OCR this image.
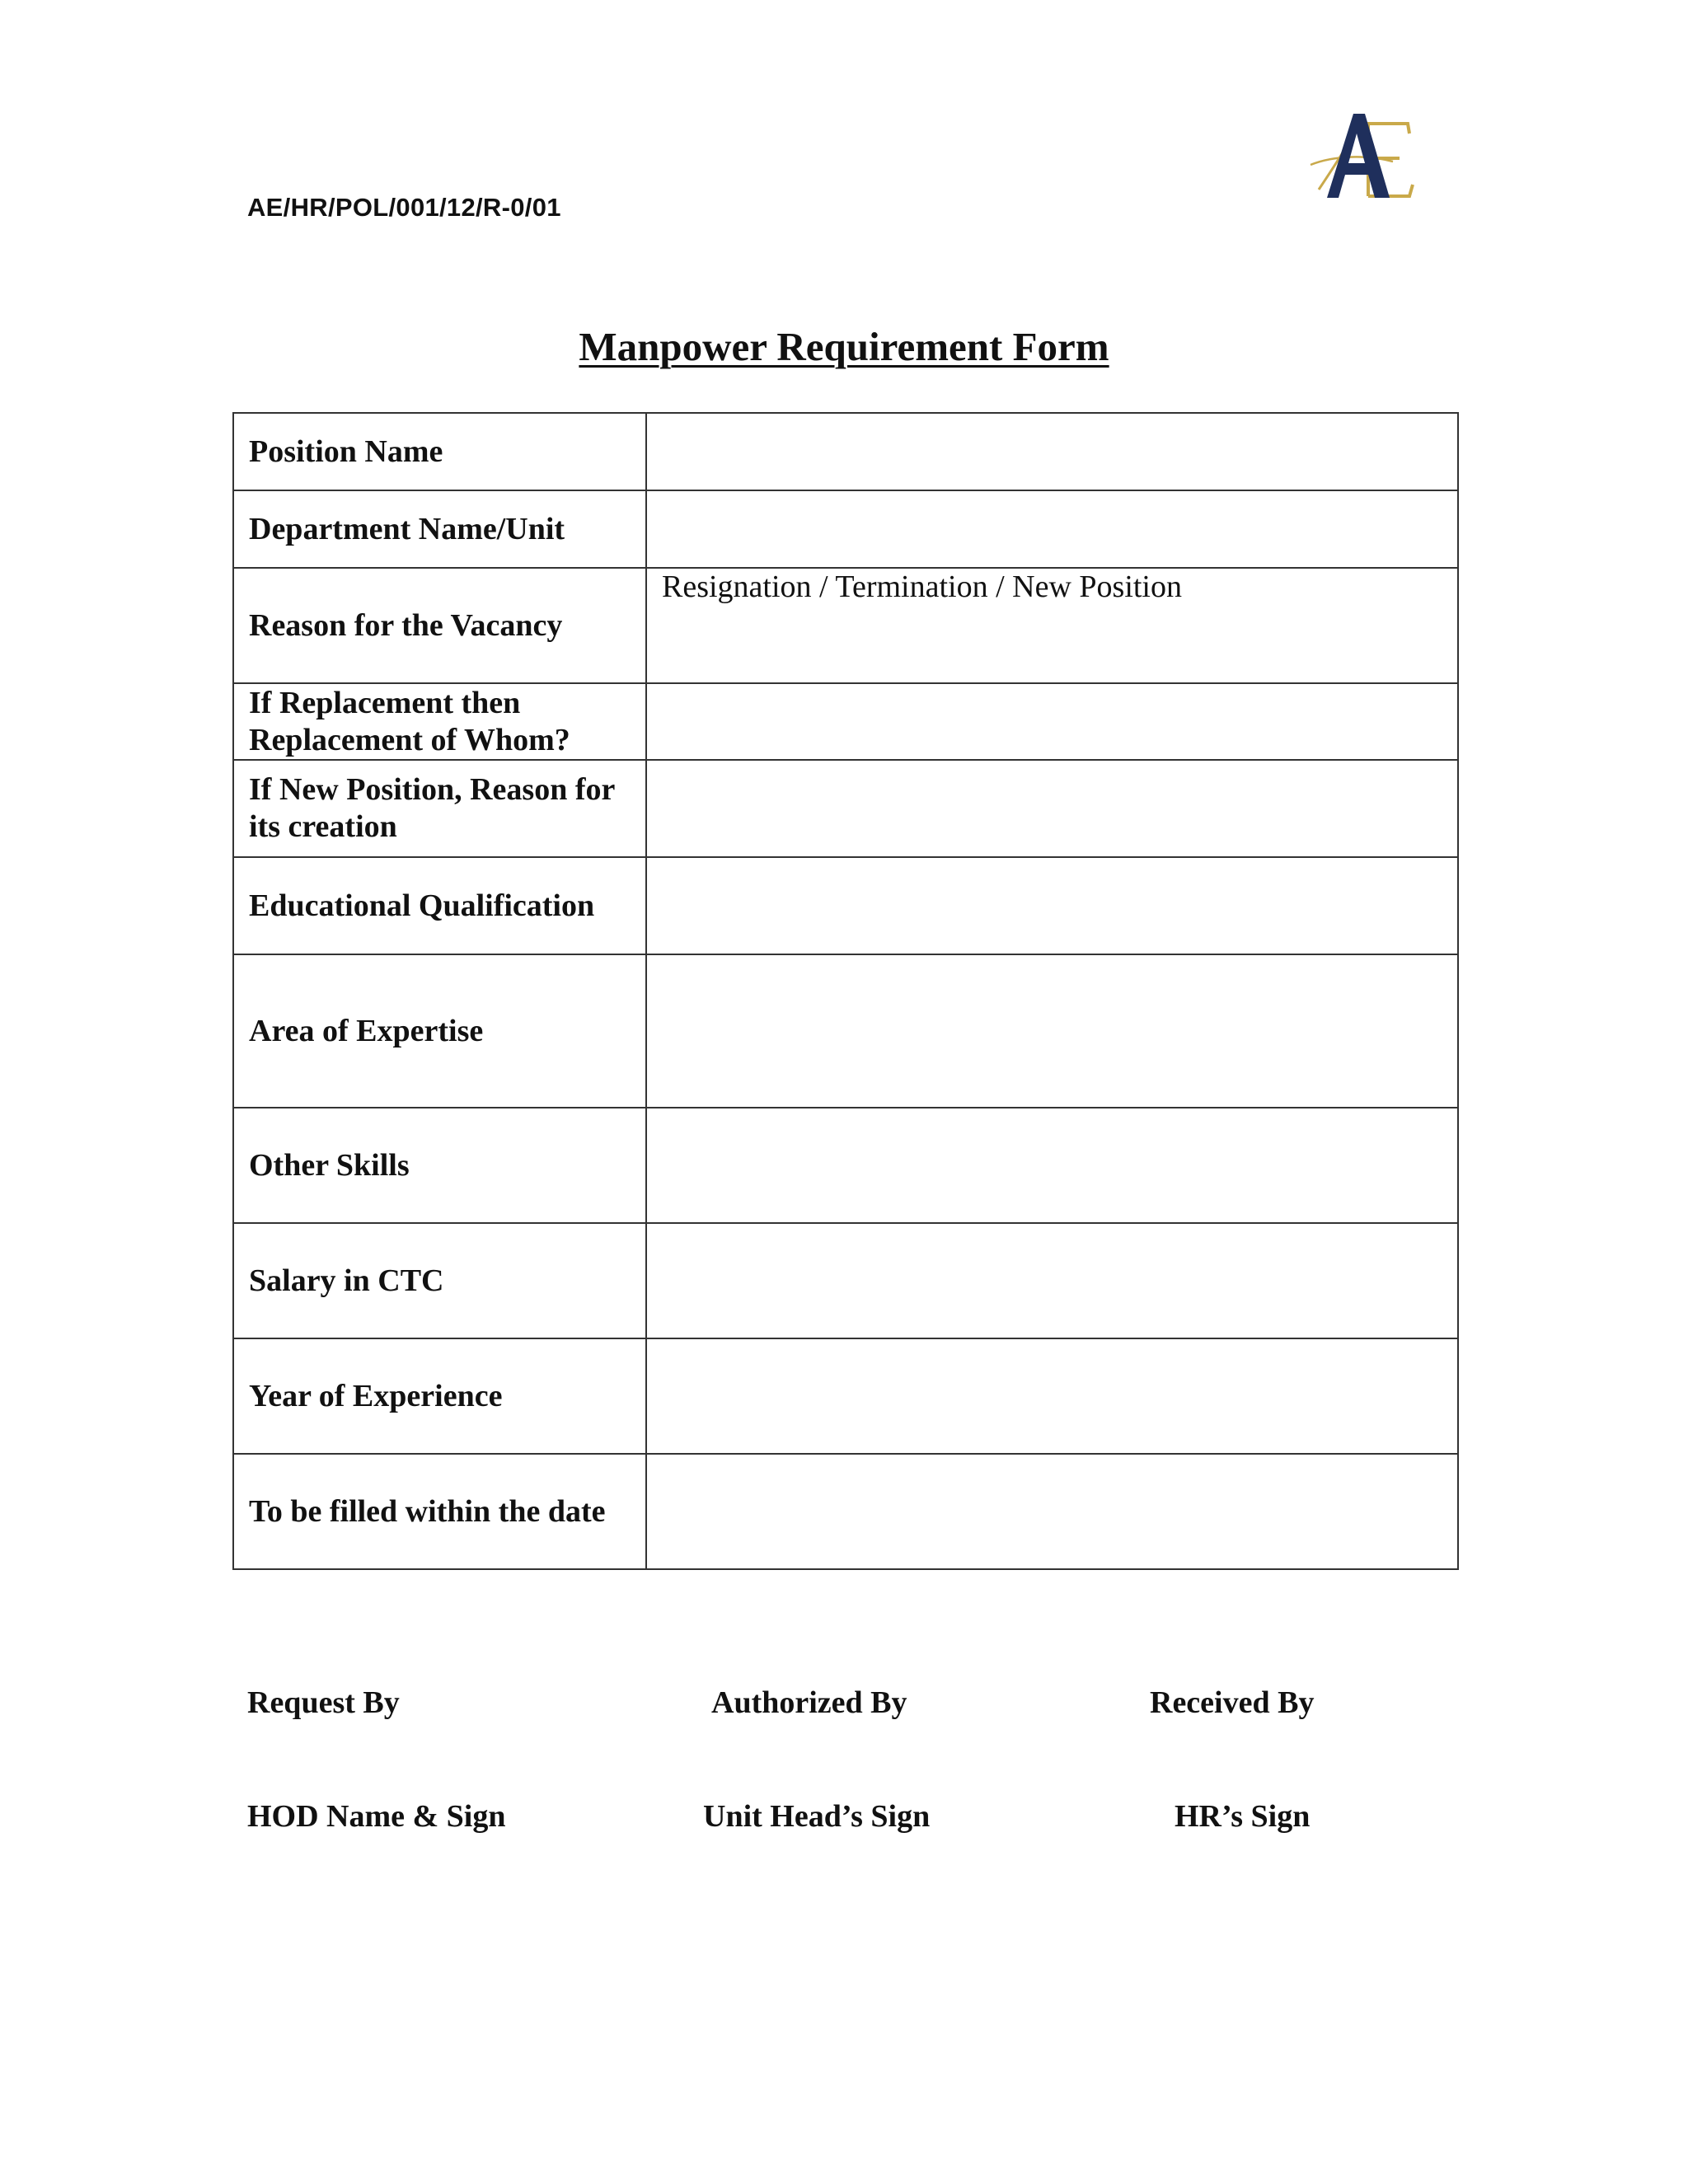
AE/HR/POL/001/12/R-0/01
Manpower Requirement Form
Position Name	
Department Name/Unit	
Reason for the Vacancy	Resignation / Termination / New Position
If Replacement then Replacement of Whom?	
If New Position, Reason for its creation	
Educational Qualification	
Area of Expertise	
Other Skills	
Salary in CTC	
Year of Experience	
To be filled within the date	
Request By	Authorized By	Received By
HOD Name & Sign	Unit Head’s Sign	HR’s Sign
